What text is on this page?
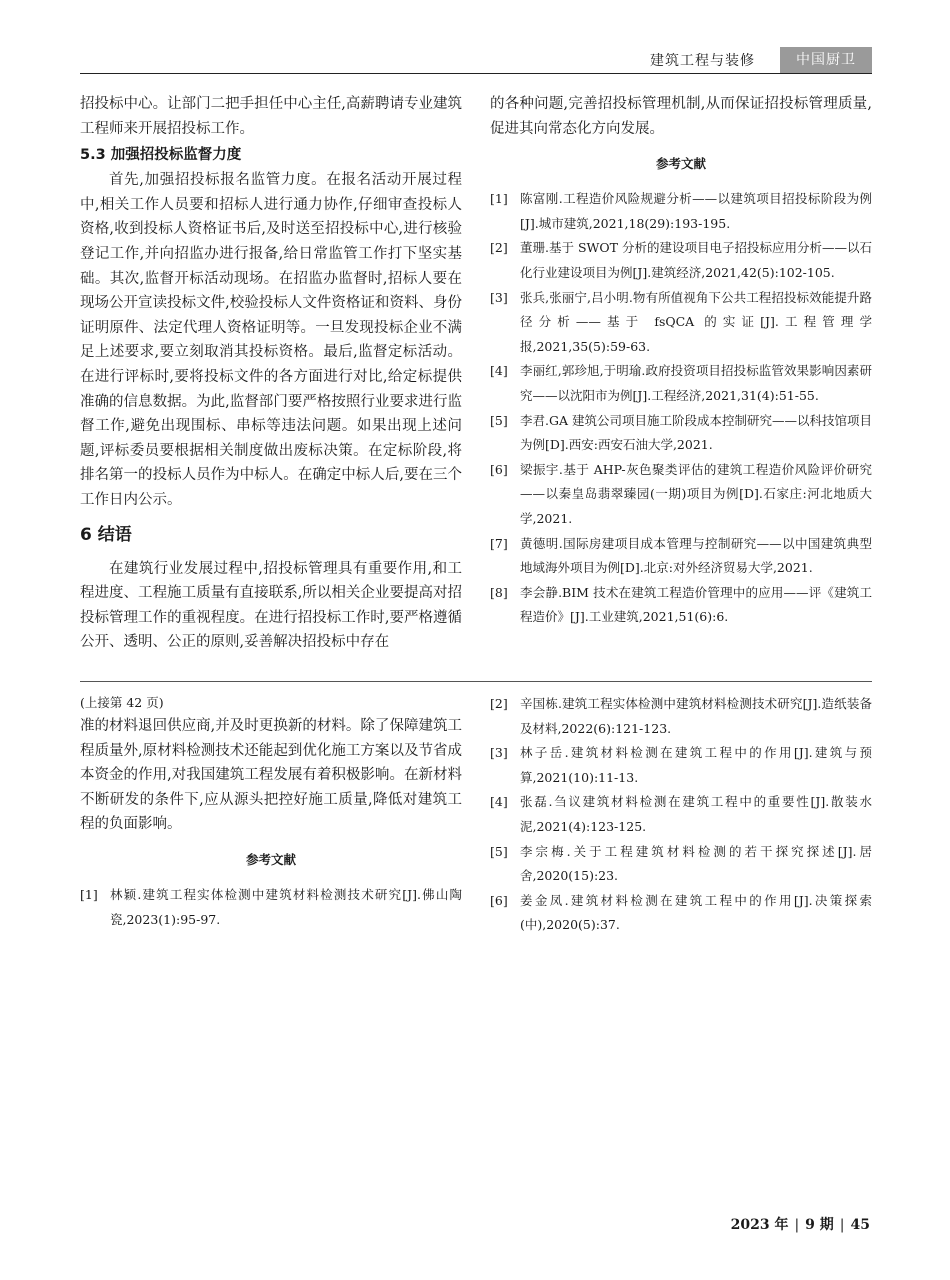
建筑工程与装修	中国厨卫

招投标中心。让部门二把手担任中心主任,高薪聘请专业建筑工程师来开展招投标工作。

5.3 加强招投标监督力度

首先,加强招投标报名监管力度。在报名活动开展过程中,相关工作人员要和招标人进行通力协作,仔细审查投标人资格,收到投标人资格证书后,及时送至招投标中心,进行核验登记工作,并向招监办进行报备,给日常监管工作打下坚实基础。其次,监督开标活动现场。在招监办监督时,招标人要在现场公开宣读投标文件,校验投标人文件资格证和资料、身份证明原件、法定代理人资格证明等。一旦发现投标企业不满足上述要求,要立刻取消其投标资格。最后,监督定标活动。在进行评标时,要将投标文件的各方面进行对比,给定标提供准确的信息数据。为此,监督部门要严格按照行业要求进行监督工作,避免出现围标、串标等违法问题。如果出现上述问题,评标委员要根据相关制度做出废标决策。在定标阶段,将排名第一的投标人员作为中标人。在确定中标人后,要在三个工作日内公示。

6 结语

在建筑行业发展过程中,招投标管理具有重要作用,和工程进度、工程施工质量有直接联系,所以相关企业要提高对招投标管理工作的重视程度。在进行招投标工作时,要严格遵循公开、透明、公正的原则,妥善解决招投标中存在

的各种问题,完善招投标管理机制,从而保证招投标管理质量,促进其向常态化方向发展。

参考文献
[1] 陈富刚.工程造价风险规避分析——以建筑项目招投标阶段为例[J].城市建筑,2021,18(29):193-195.
[2] 董珊.基于 SWOT 分析的建设项目电子招投标应用分析——以石化行业建设项目为例[J].建筑经济,2021,42(5):102-105.
[3] 张兵,张丽宁,吕小明.物有所值视角下公共工程招投标效能提升路径分析——基于 fsQCA 的实证[J].工程管理学报,2021,35(5):59-63.
[4] 李丽红,郭珍旭,于明瑜.政府投资项目招投标监管效果影响因素研究——以沈阳市为例[J].工程经济,2021,31(4):51-55.
[5] 李君.GA 建筑公司项目施工阶段成本控制研究——以科技馆项目为例[D].西安:西安石油大学,2021.
[6] 梁振宇.基于 AHP-灰色聚类评估的建筑工程造价风险评价研究——以秦皇岛翡翠臻园(一期)项目为例[D].石家庄:河北地质大学,2021.
[7] 黄德明.国际房建项目成本管理与控制研究——以中国建筑典型地域海外项目为例[D].北京:对外经济贸易大学,2021.
[8] 李会静.BIM 技术在建筑工程造价管理中的应用——评《建筑工程造价》[J].工业建筑,2021,51(6):6.
(上接第 42 页)

准的材料退回供应商,并及时更换新的材料。除了保障建筑工程质量外,原材料检测技术还能起到优化施工方案以及节省成本资金的作用,对我国建筑工程发展有着积极影响。在新材料不断研发的条件下,应从源头把控好施工质量,降低对建筑工程的负面影响。

参考文献
[1] 林颖.建筑工程实体检测中建筑材料检测技术研究[J].佛山陶瓷,2023(1):95-97.
[2] 辛国栋.建筑工程实体检测中建筑材料检测技术研究[J].造纸装备及材料,2022(6):121-123.
[3] 林子岳.建筑材料检测在建筑工程中的作用[J].建筑与预算,2021(10):11-13.
[4] 张磊.刍议建筑材料检测在建筑工程中的重要性[J].散装水泥,2021(4):123-125.
[5] 李宗梅.关于工程建筑材料检测的若干探究探述[J].居舍,2020(15):23.
[6] 姜金凤.建筑材料检测在建筑工程中的作用[J].决策探索(中),2020(5):37.
2023 年 | 9 期 | 45
